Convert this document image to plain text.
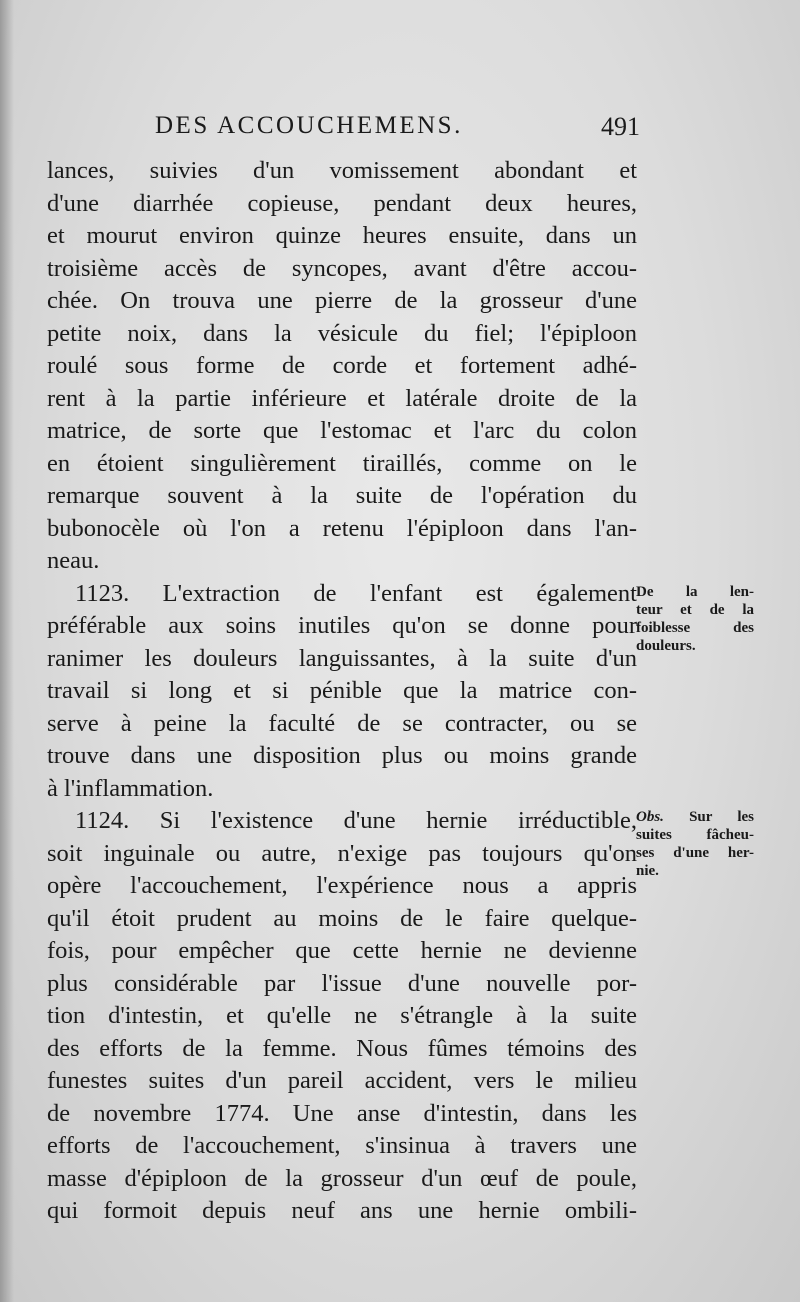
DES ACCOUCHEMENS.	491
lances, suivies d'un vomissement abondant et
d'une diarrhée copieuse, pendant deux heures,
et mourut environ quinze heures ensuite, dans un
troisième accès de syncopes, avant d'être accou-
chée. On trouva une pierre de la grosseur d'une
petite noix, dans la vésicule du fiel; l'épiploon
roulé sous forme de corde et fortement adhé-
rent à la partie inférieure et latérale droite de la
matrice, de sorte que l'estomac et l'arc du colon
en étoient singulièrement tiraillés, comme on le
remarque souvent à la suite de l'opération du
bubonocèle où l'on a retenu l'épiploon dans l'an-
neau.
1123. L'extraction de l'enfant est également
préférable aux soins inutiles qu'on se donne pour
ranimer les douleurs languissantes, à la suite d'un
travail si long et si pénible que la matrice con-
serve à peine la faculté de se contracter, ou se
trouve dans une disposition plus ou moins grande
à l'inflammation.
1124. Si l'existence d'une hernie irréductible,
soit inguinale ou autre, n'exige pas toujours qu'on
opère l'accouchement, l'expérience nous a appris
qu'il étoit prudent au moins de le faire quelque-
fois, pour empêcher que cette hernie ne devienne
plus considérable par l'issue d'une nouvelle por-
tion d'intestin, et qu'elle ne s'étrangle à la suite
des efforts de la femme. Nous fûmes témoins des
funestes suites d'un pareil accident, vers le milieu
de novembre 1774. Une anse d'intestin, dans les
efforts de l'accouchement, s'insinua à travers une
masse d'épiploon de la grosseur d'un œuf de poule,
qui formoit depuis neuf ans une hernie ombili-
De la len-
teur et de la
foiblesse des
douleurs.
Obs. Sur les
suites fâcheu-
ses d'une her-
nie.
